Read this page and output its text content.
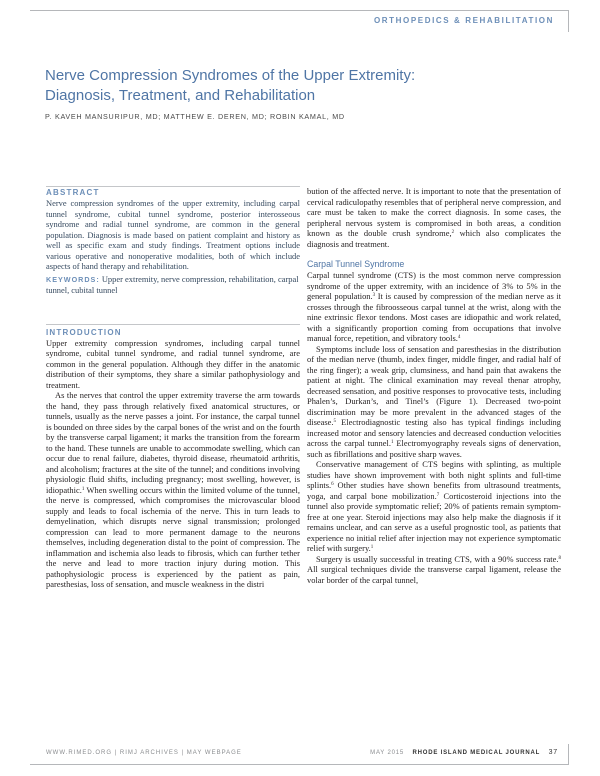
ORTHOPEDICS & REHABILITATION
Nerve Compression Syndromes of the Upper Extremity:
Diagnosis, Treatment, and Rehabilitation
P. KAVEH MANSURIPUR, MD; MATTHEW E. DEREN, MD; ROBIN KAMAL, MD
ABSTRACT

Nerve compression syndromes of the upper extremity, including carpal tunnel syndrome, cubital tunnel syndrome, posterior interosseous syndrome and radial tunnel syndrome, are common in the general population. Diagnosis is made based on patient complaint and history as well as specific exam and study findings. Treatment options include various operative and nonoperative modalities, both of which include aspects of hand therapy and rehabilitation.

KEYWORDS: Upper extremity, nerve compression, rehabilitation, carpal tunnel, cubital tunnel
INTRODUCTION

Upper extremity compression syndromes, including carpal tunnel syndrome, cubital tunnel syndrome, and radial tunnel syndrome, are common in the general population. Although they differ in the anatomic distribution of their symptoms, they share a similar pathophysiology and treatment.

As the nerves that control the upper extremity traverse the arm towards the hand, they pass through relatively fixed anatomical structures, or tunnels, usually as the nerve passes a joint. For instance, the carpal tunnel is bounded on three sides by the carpal bones of the wrist and on the fourth by the transverse carpal ligament; it marks the transition from the forearm to the hand. These tunnels are unable to accommodate swelling, which can occur due to renal failure, diabetes, thyroid disease, rheumatoid arthritis, and alcoholism; fractures at the site of the tunnel; and conditions involving physiologic fluid shifts, including pregnancy; most swelling, however, is idiopathic.$^1$ When swelling occurs within the limited volume of the tunnel, the nerve is compressed, which compromises the microvascular blood supply and leads to focal ischemia of the nerve. This in turn leads to demyelination, which disrupts nerve signal transmission; prolonged compression can lead to more permanent damage to the neurons themselves, including degeneration distal to the point of compression. The inflammation and ischemia also leads to fibrosis, which can further tether the nerve and lead to more traction injury during motion. This pathophysiologic process is experienced by the patient as pain, paresthesias, loss of sensation, and muscle weakness in the distri

bution of the affected nerve. It is important to note that the presentation of cervical radiculopathy resembles that of peripheral nerve compression, and care must be taken to make the correct diagnosis. In some cases, the peripheral nervous system is compromised in both areas, a condition known as the double crush syndrome,$^2$ which also complicates the diagnosis and treatment.

Carpal Tunnel Syndrome

Carpal tunnel syndrome (CTS) is the most common nerve compression syndrome of the upper extremity, with an incidence of 3% to 5% in the general population.$^3$ It is caused by compression of the median nerve as it crosses through the fibroosseous carpal tunnel at the wrist, along with the nine extrinsic flexor tendons. Most cases are idiopathic and work related, with a significantly proportion coming from occupations that involve manual force, repetition, and vibratory tools.$^4$

Symptoms include loss of sensation and paresthesias in the distribution of the median nerve (thumb, index finger, middle finger, and radial half of the ring finger); a weak grip, clumsiness, and hand pain that awakens the patient at night. The clinical examination may reveal thenar atrophy, decreased sensation, and positive responses to provocative tests, including Phalen’s, Durkan’s, and Tinel’s (Figure 1). Decreased two-point discrimination may be more prevalent in the advanced stages of the disease.$^5$ Electrodiagnostic testing also has typical findings including increased motor and sensory latencies and decreased conduction velocities across the carpal tunnel.$^1$ Electromyography reveals signs of denervation, such as fibrillations and positive sharp waves.

Conservative management of CTS begins with splinting, as multiple studies have shown improvement with both night splints and full-time splints.$^6$ Other studies have shown benefits from ultrasound treatments, yoga, and carpal bone mobilization.$^7$ Corticosteroid injections into the tunnel also provide symptomatic relief; 20% of patients remain symptom-free at one year. Steroid injections may also help make the diagnosis if it remains unclear, and can serve as a useful prognostic tool, as patients that experience no initial relief after injection may not experience symptomatic relief with surgery.$^1$

Surgery is usually successful in treating CTS, with a 90% success rate.$^8$ All surgical techniques divide the transverse carpal ligament, release the volar border of the carpal tunnel,

WWW.RIMED.ORG | RIMJ ARCHIVES | MAY WEBPAGE	MAY 2015 RHODE ISLAND MEDICAL JOURNAL 37
